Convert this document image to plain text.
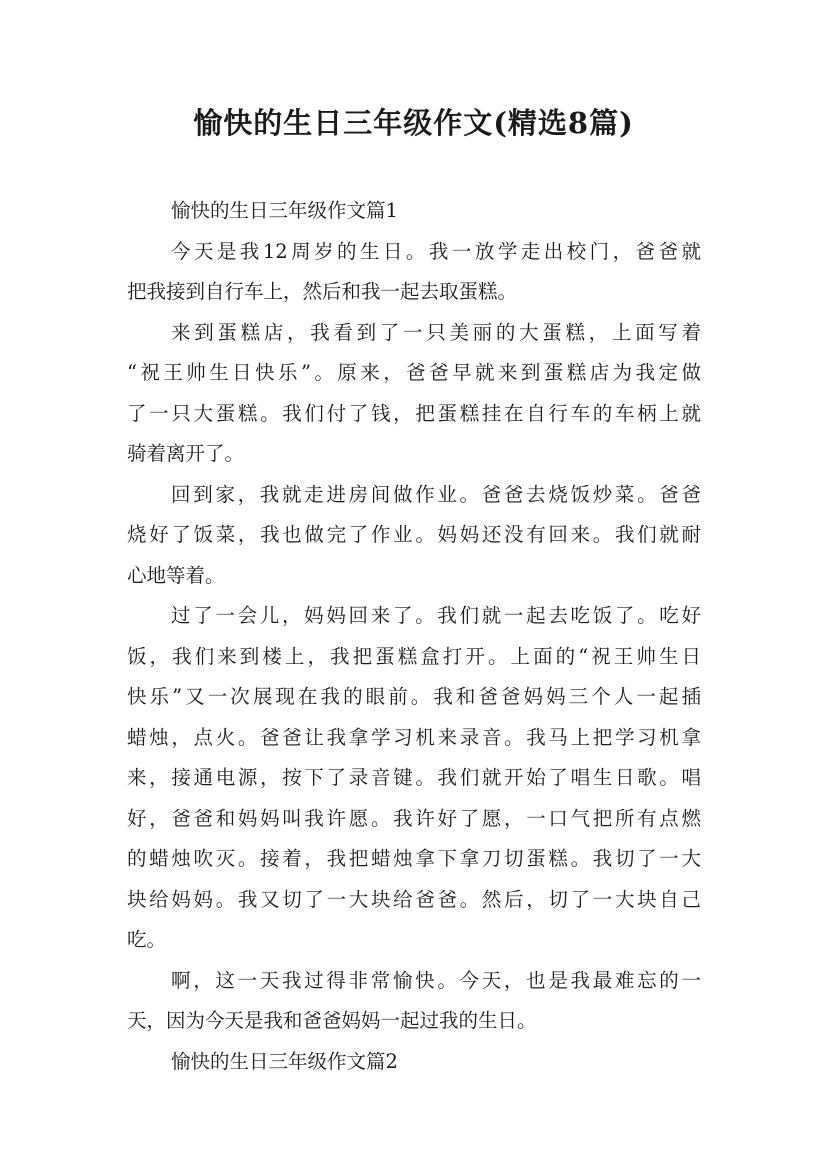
愉快的生日三年级作文(精选8篇)
愉快的生日三年级作文篇1
今天是我12周岁的生日。我一放学走出校门，爸爸就
把我接到自行车上，然后和我一起去取蛋糕。
来到蛋糕店，我看到了一只美丽的大蛋糕，上面写着
“祝王帅生日快乐”。原来，爸爸早就来到蛋糕店为我定做
了一只大蛋糕。我们付了钱，把蛋糕挂在自行车的车柄上就
骑着离开了。
回到家，我就走进房间做作业。爸爸去烧饭炒菜。爸爸
烧好了饭菜，我也做完了作业。妈妈还没有回来。我们就耐
心地等着。
过了一会儿，妈妈回来了。我们就一起去吃饭了。吃好
饭，我们来到楼上，我把蛋糕盒打开。上面的“祝王帅生日
快乐”又一次展现在我的眼前。我和爸爸妈妈三个人一起插
蜡烛，点火。爸爸让我拿学习机来录音。我马上把学习机拿
来，接通电源，按下了录音键。我们就开始了唱生日歌。唱
好，爸爸和妈妈叫我许愿。我许好了愿，一口气把所有点燃
的蜡烛吹灭。接着，我把蜡烛拿下拿刀切蛋糕。我切了一大
块给妈妈。我又切了一大块给爸爸。然后，切了一大块自己
吃。
啊，这一天我过得非常愉快。今天，也是我最难忘的一
天，因为今天是我和爸爸妈妈一起过我的生日。
愉快的生日三年级作文篇2
